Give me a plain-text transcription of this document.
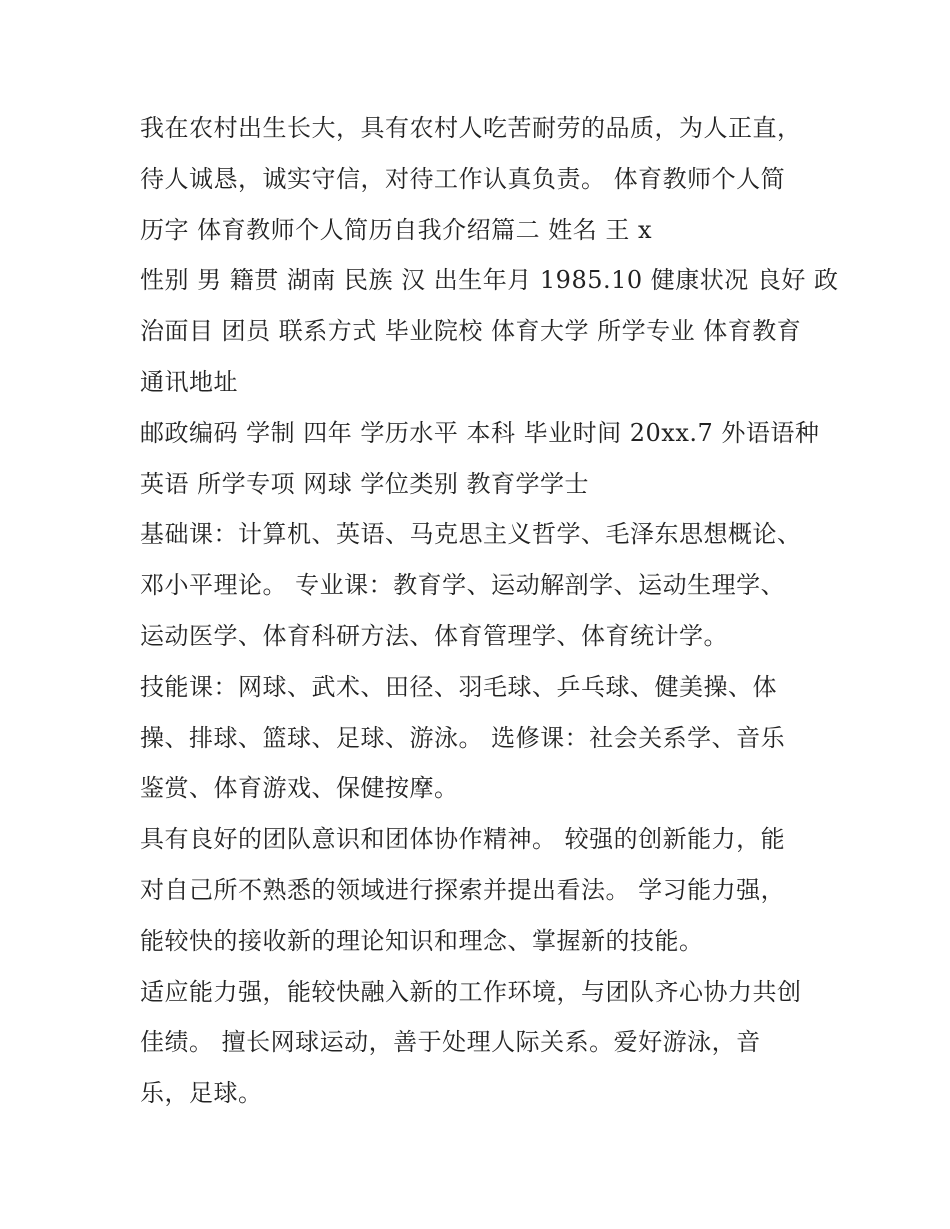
我在农村出生长大，具有农村人吃苦耐劳的品质，为人正直，
待人诚恳，诚实守信，对待工作认真负责。 体育教师个人简
历字 体育教师个人简历自我介绍篇二 姓名 王 x
性别 男 籍贯 湖南 民族 汉 出生年月 1985.10 健康状况 良好 政
治面目 团员 联系方式 毕业院校 体育大学 所学专业 体育教育
通讯地址
邮政编码 学制 四年 学历水平 本科 毕业时间 20xx.7 外语语种
英语 所学专项 网球 学位类别 教育学学士
基础课：计算机、英语、马克思主义哲学、毛泽东思想概论、
邓小平理论。 专业课：教育学、运动解剖学、运动生理学、
运动医学、体育科研方法、体育管理学、体育统计学。
技能课：网球、武术、田径、羽毛球、乒乓球、健美操、体
操、排球、篮球、足球、游泳。 选修课：社会关系学、音乐
鉴赏、体育游戏、保健按摩。
具有良好的团队意识和团体协作精神。 较强的创新能力，能
对自己所不熟悉的领域进行探索并提出看法。 学习能力强，
能较快的接收新的理论知识和理念、掌握新的技能。
适应能力强，能较快融入新的工作环境，与团队齐心协力共创
佳绩。 擅长网球运动，善于处理人际关系。爱好游泳，音
乐，足球。
